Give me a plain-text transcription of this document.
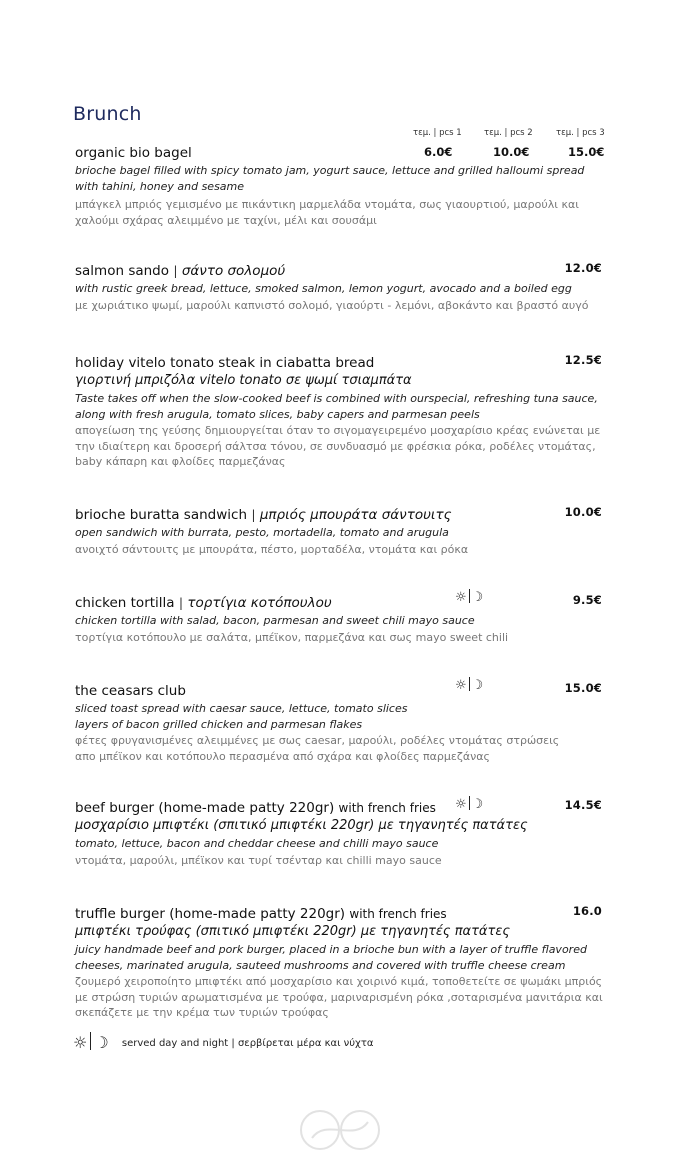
Brunch
τεμ. | pcs 1	τεμ. | pcs 2	τεμ. | pcs 3
organic bio bagel
brioche bagel filled with spicy tomato jam, yogurt sauce, lettuce and grilled halloumi spread with tahini, honey and sesame
μπάγκελ μπριός γεμισμένο με πικάντικη μαρμελάδα ντομάτα, σως γιαουρτιού, μαρούλι και χαλούμι σχάρας αλειμμένο με ταχίνι, μέλι και σουσάμι
6.0€	10.0€	15.0€
salmon sando | σάντο σολομού	12.0€
with rustic greek bread, lettuce, smoked salmon, lemon yogurt, avocado and a boiled egg
με χωριάτικο ψωμί, μαρούλι καπνιστό σολομό, γιαούρτι - λεμόνι, αβοκάντο και βραστό αυγό
holiday vitelo tonato steak in ciabatta bread	12.5€
γιορτινή μπριζόλα vitelo tonato σε ψωμί τσιαμπάτα
Taste takes off when the slow-cooked beef is combined with ourspecial, refreshing tuna sauce, along with fresh arugula, tomato slices, baby capers and parmesan peels
απογείωση της γεύσης δημιουργείται όταν το σιγομαγειρεμένο μοσχαρίσιο κρέας ενώνεται με την ιδιαίτερη και δροσερή σάλτσα τόνου, σε συνδυασμό με φρέσκια ρόκα, ροδέλες ντομάτας, baby κάπαρη και φλοίδες παρμεζάνας
brioche buratta sandwich | μπριός μπουράτα σάντουιτς	10.0€
open sandwich with burrata, pesto, mortadella, tomato and arugula
ανοιχτό σάντουιτς με μπουράτα, πέστο, μορταδέλα, ντομάτα και ρόκα
chicken tortilla | τορτίγια κοτόπουλου	9.5€
chicken tortilla with salad, bacon, parmesan and sweet chili mayo sauce
τορτίγια κοτόπουλο με σαλάτα, μπέϊκον, παρμεζάνα και σως mayo sweet chili
☼ ☽
the ceasars club	15.0€
sliced toast spread with caesar sauce, lettuce, tomato slices layers of bacon grilled chicken and parmesan flakes
φέτες φρυγανισμένες αλειμμένες με σως caesar, μαρούλι, ροδέλες ντομάτας στρώσεις απο μπέϊκον και κοτόπουλο περασμένα από σχάρα και φλοίδες παρμεζάνας
☼ ☽
beef burger (home-made patty 220gr) with french fries	14.5€
μοσχαρίσιο μπιφτέκι (σπιτικό μπιφτέκι 220gr) με τηγανητές πατάτες
tomato, lettuce, bacon and cheddar cheese and chilli mayo sauce
ντομάτα, μαρούλι, μπέϊκον και τυρί τσένταρ και chilli mayo sauce
☼ ☽
truffle burger (home-made patty 220gr) with french fries	16.0
μπιφτέκι τρούφας (σπιτικό μπιφτέκι 220gr) με τηγανητές πατάτες
juicy handmade beef and pork burger, placed in a brioche bun with a layer of truffle flavored cheeses, marinated arugula, sauteed mushrooms and covered with truffle cheese cream
ζουμερό χειροποίητο μπιφτέκι από μοσχαρίσιο και χοιρινό κιμά, τοποθετείτε σε ψωμάκι μπριός με στρώση τυριών αρωματισμένα με τρούφα, μαριναρισμένη ρόκα ,σοταρισμένα μανιτάρια και σκεπάζετε με την κρέμα των τυριών τρούφας
☼ ☽ served day and night | σερβίρεται μέρα και νύχτα
